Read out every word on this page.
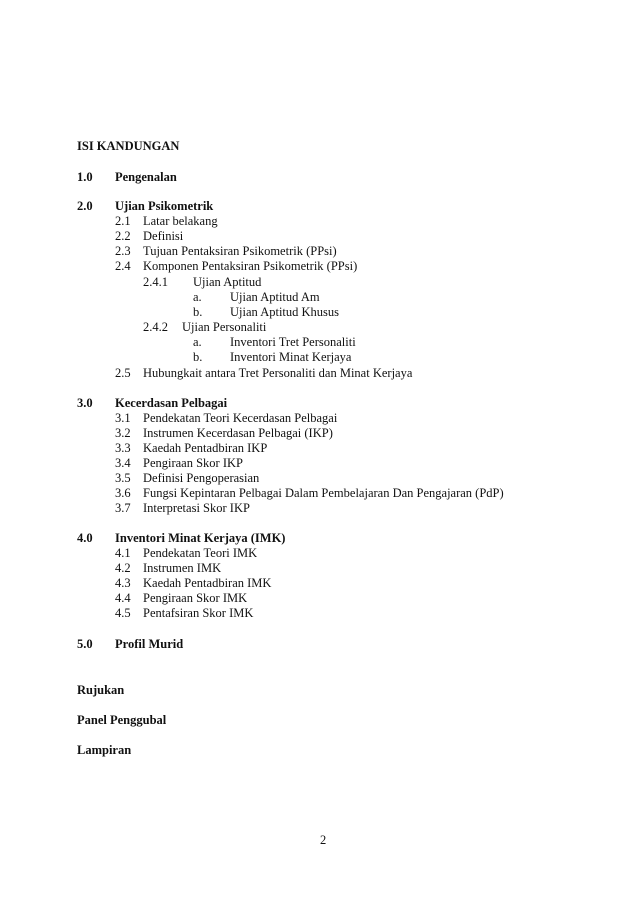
ISI KANDUNGAN
1.0 Pengenalan
2.0 Ujian Psikometrik
2.1 Latar belakang
2.2 Definisi
2.3 Tujuan Pentaksiran Psikometrik (PPsi)
2.4 Komponen Pentaksiran Psikometrik (PPsi)
2.4.1 Ujian Aptitud
a. Ujian Aptitud Am
b. Ujian Aptitud Khusus
2.4.2 Ujian Personaliti
a. Inventori Tret Personaliti
b. Inventori Minat Kerjaya
2.5 Hubungkait antara Tret Personaliti dan Minat Kerjaya
3.0 Kecerdasan Pelbagai
3.1 Pendekatan Teori Kecerdasan Pelbagai
3.2 Instrumen Kecerdasan Pelbagai (IKP)
3.3 Kaedah Pentadbiran IKP
3.4 Pengiraan Skor IKP
3.5 Definisi Pengoperasian
3.6 Fungsi Kepintaran Pelbagai Dalam Pembelajaran Dan Pengajaran (PdP)
3.7 Interpretasi Skor IKP
4.0 Inventori Minat Kerjaya (IMK)
4.1 Pendekatan Teori IMK
4.2 Instrumen IMK
4.3 Kaedah Pentadbiran IMK
4.4 Pengiraan Skor IMK
4.5 Pentafsiran Skor IMK
5.0 Profil Murid
Rujukan
Panel Penggubal
Lampiran
2
